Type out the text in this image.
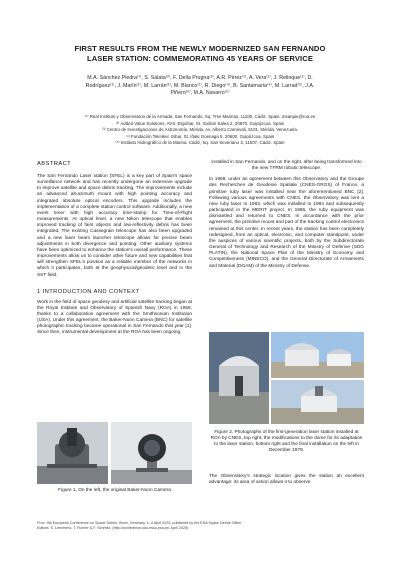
FIRST RESULTS FROM THE NEWLY MODERNIZED SAN FERNANDO
LASER STATION: COMMEMORATING 45 YEARS OF SERVICE
M.A. Sánchez Piedra⁽¹⁾, S. Salata⁽²⁾, F. Della Prugna⁽³⁾, A.R. Pérez⁽¹⁾, A. Vera⁽¹⁾, J. Relinque⁽¹⁾, D.
Rodríguez⁽¹⁾, J. Marín⁽¹⁾, M. Larrán⁽¹⁾, M. Blanco⁽¹⁾, R. Diego⁽⁴⁾, B. Santamaría⁽⁴⁾, M. Larrad⁽⁵⁾, J.A.
Piñero⁽⁵⁾, M.A. Navarro⁽⁵⁾
⁽¹⁾ Real Instituto y Observatorio de la Armada. San Fernando, Sq. Tres Marinas, 11100, Cádiz. Spain. msanpie@roa.es
⁽²⁾ Added Value Solutions, AVS. Elgoibar, St. Xixilion Kalea 2, 20870, Guipúzcoa. Spain
⁽³⁾ Centro de Investigaciones de Astronomía. Mérida, Av. Alberto Carnevali, 5101, Mérida. Venezuela.
⁽⁴⁾ Fundación Tekniker. Eibar, St. Iñaki Goenaga 5, 20600, Guipúzcoa. Spain
⁽⁵⁾ Instituto Hidrográfico de la Marina. Cádiz, Sq. San Severiano 3, 11007, Cádiz. Spain
ABSTRACT

The San Fernando Laser station (SFEL) is a key part of Spain's space surveillance network and has recently undergone an extensive upgrade to improve satellite and space debris tracking. The improvements include an advanced alt-azimuth mount with high pointing accuracy and integrated absolute optical encoders. This upgrade includes the implementation of a complete station control software. Additionally, a new event timer with high accuracy time-stamp for Time-of-Flight measurements. At optical level, a new Nikon telescope that enables improved tracking of faint objects and low-reflectivity debris has been integrated. The existing Cassegrain telescope has also been upgraded and a new laser beam launcher telescope allows for precise beam adjustments in both divergence and pointing. Other auxiliary systems have been optimized to enhance the station's overall performance. These improvements allow us to consider other future and new capabilities that will strengthen SFEL's position as a reliable member of the networks in which it participates, both at the geophysical/geodetic level and in the SST field.

1 INTRODUCTION AND CONTEXT

Work in the field of space geodesy and artificial satellite tracking began at the Royal Institute and Observatory of Spanish Navy (ROA) in 1958, thanks to a collaboration agreement with the Smithsonian Institution (USA). Under this agreement, the Baker-Nunn Camera (BNC) for satellite photographic tracking became operational in San Fernando that year [1]. Since then, instrumental development at the ROA has been ongoing.

Figure 1. On the left, the original Baker-Nunn Camera

installed in San Fernando, and on the right, after being transformed into the new TFRM robotic telescope.

In 1968, under an agreement between this Observatory and the Groupe des Recherches de Geodesie Spatiale (CNES-GRGS) of France, a primitive ruby laser was installed near the aforementioned BNC [2]. Following various agreements with CNES, the Observatory was lent a new ruby laser in 1983, which was installed in 1984 and subsequently participated in the MERIT project. In 1986, the ruby equipment was dismantled and returned to CNES. In accordance with the prior agreement, the primitive mount and part of the tracking control electronics remained at this center. In recent years, the station has been completely redesigned, from an optical, electronic, and computer standpoint, under the auspices of various scientific projects, both by the Subdirectorate General of Technology and Research of the Ministry of Defense (SDG PLATIN), the National Space Plan of the Ministry of Economy and Competitiveness (MINECO), and the General Directorate of Armaments and Material (DGAM) of the Ministry of Defense.

Figure 2. Photographs of the first-generation laser station installed at ROA by CNES, top right; the modifications to the dome for its adaptation to the laser station, bottom right and the final installation on the left in December 1979.
The Observatory's strategic location gives the station an excellent advantage: its area of action allows it to observe
Proc. 9th European Conference on Space Debris, Bonn, Germany, 1–4 April 2025, published by the ESA Space Debris Office
Editors: S. Lemmens, T. Flohrer & F. Schmitz, (http://conference.sdo.esoc.esa.int, April 2025)
